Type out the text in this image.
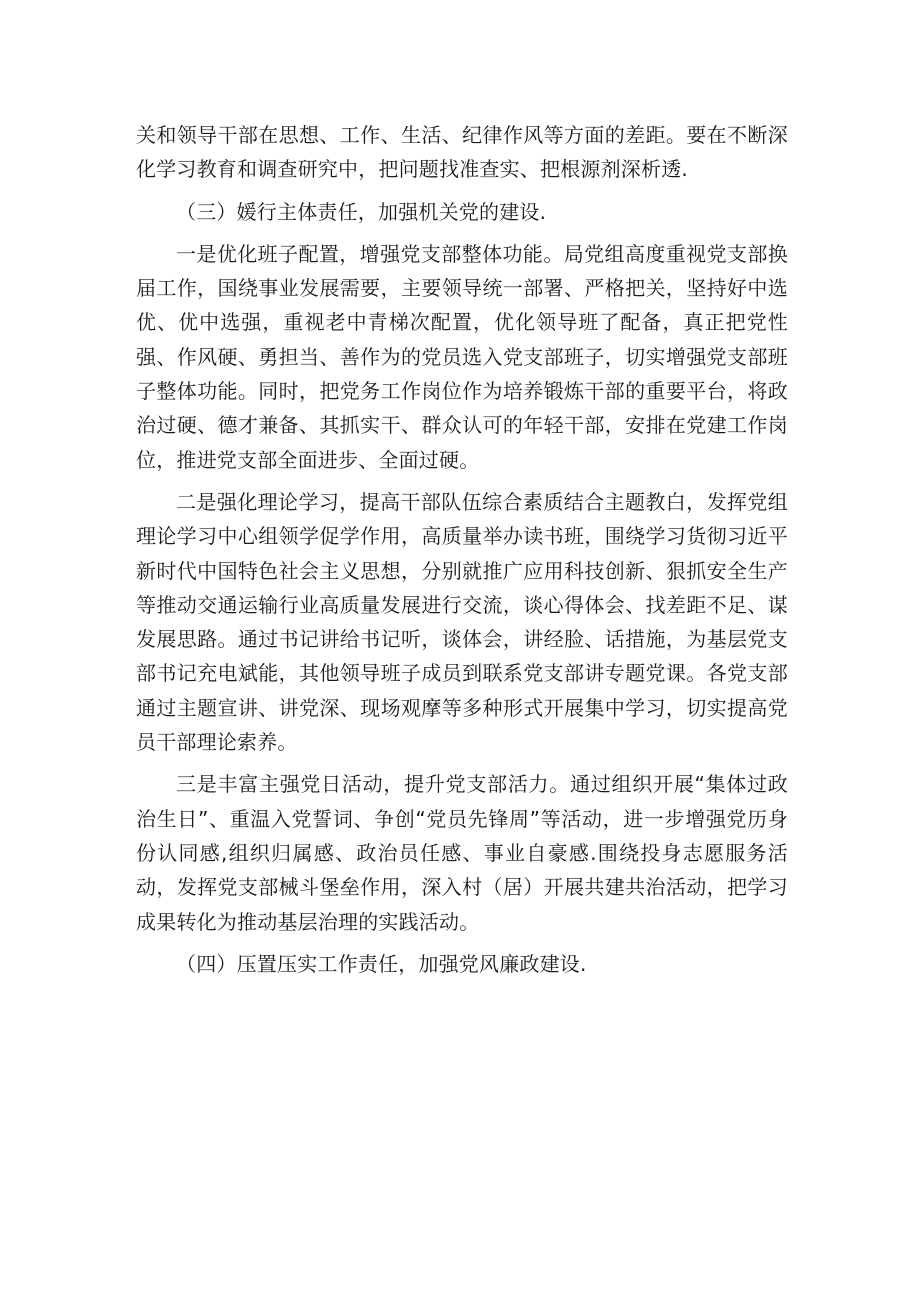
关和领导干部在思想、工作、生活、纪律作风等方面的差距。要在不断深化学习教育和调查研究中，把问题找准查实、把根源剂深析透.

（三）媛行主体责任，加强机关党的建设.

一是优化班子配置，增强党支部整体功能。局党组高度重视党支部换届工作，国绕事业发展需要，主要领导统一部署、严格把关，坚持好中选优、优中选强，重视老中青梯次配置，优化领导班了配备，真正把党性强、作风硬、勇担当、善作为的党员选入党支部班子，切实增强党支部班子整体功能。同时，把党务工作岗位作为培养锻炼干部的重要平台，将政治过硬、德才兼备、其抓实干、群众认可的年轻干部，安排在党建工作岗位，推进党支部全面进步、全面过硬。

二是强化理论学习，提高干部队伍综合素质结合主题教白，发挥党组理论学习中心组领学促学作用，高质量举办读书班，围绕学习货彻习近平新时代中国特色社会主义思想，分别就推广应用科技创新、狠抓安全生产等推动交通运输行业高质量发展进行交流，谈心得体会、找差距不足、谋发展思路。通过书记讲给书记听，谈体会，讲经脸、话措施，为基层党支部书记充电斌能，其他领导班子成员到联系党支部讲专题党课。各党支部通过主题宣讲、讲党深、现场观摩等多种形式开展集中学习，切实提高党员干部理论索养。

三是丰富主强党日活动，提升党支部活力。通过组织开展“集体过政治生日”、重温入党誓词、争创“党员先锋周”等活动，进一步增强党历身份认同感,组织归属感、政治员任感、事业自豪感.围绕投身志愿服务活动，发挥党支部械斗堡垒作用，深入村（居）开展共建共治活动，把学习成果转化为推动基层治理的实践活动。

（四）压置压实工作责任，加强党风廉政建设.
